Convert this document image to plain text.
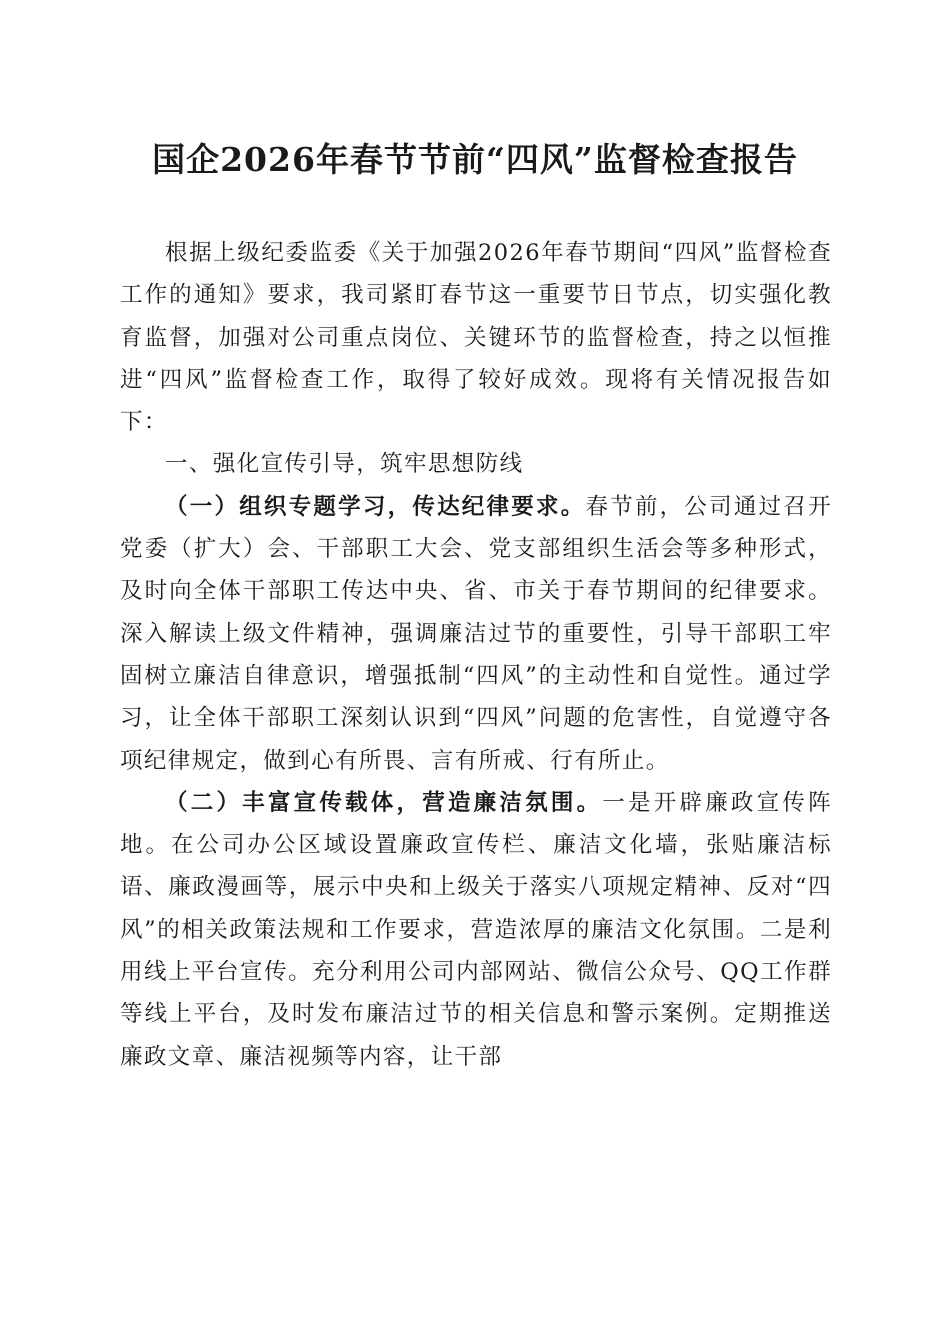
国企2026年春节节前“四风”监督检查报告

根据上级纪委监委《关于加强2026年春节期间“四风”监督检查工作的通知》要求，我司紧盯春节这一重要节日节点，切实强化教育监督，加强对公司重点岗位、关键环节的监督检查，持之以恒推进“四风”监督检查工作，取得了较好成效。现将有关情况报告如下：

一、强化宣传引导，筑牢思想防线

（一）组织专题学习，传达纪律要求。春节前，公司通过召开党委（扩大）会、干部职工大会、党支部组织生活会等多种形式，及时向全体干部职工传达中央、省、市关于春节期间的纪律要求。深入解读上级文件精神，强调廉洁过节的重要性，引导干部职工牢固树立廉洁自律意识，增强抵制“四风”的主动性和自觉性。通过学习，让全体干部职工深刻认识到“四风”问题的危害性，自觉遵守各项纪律规定，做到心有所畏、言有所戒、行有所止。

（二）丰富宣传载体，营造廉洁氛围。一是开辟廉政宣传阵地。在公司办公区域设置廉政宣传栏、廉洁文化墙，张贴廉洁标语、廉政漫画等，展示中央和上级关于落实八项规定精神、反对“四风”的相关政策法规和工作要求，营造浓厚的廉洁文化氛围。二是利用线上平台宣传。充分利用公司内部网站、微信公众号、QQ工作群等线上平台，及时发布廉洁过节的相关信息和警示案例。定期推送廉政文章、廉洁视频等内容，让干部
